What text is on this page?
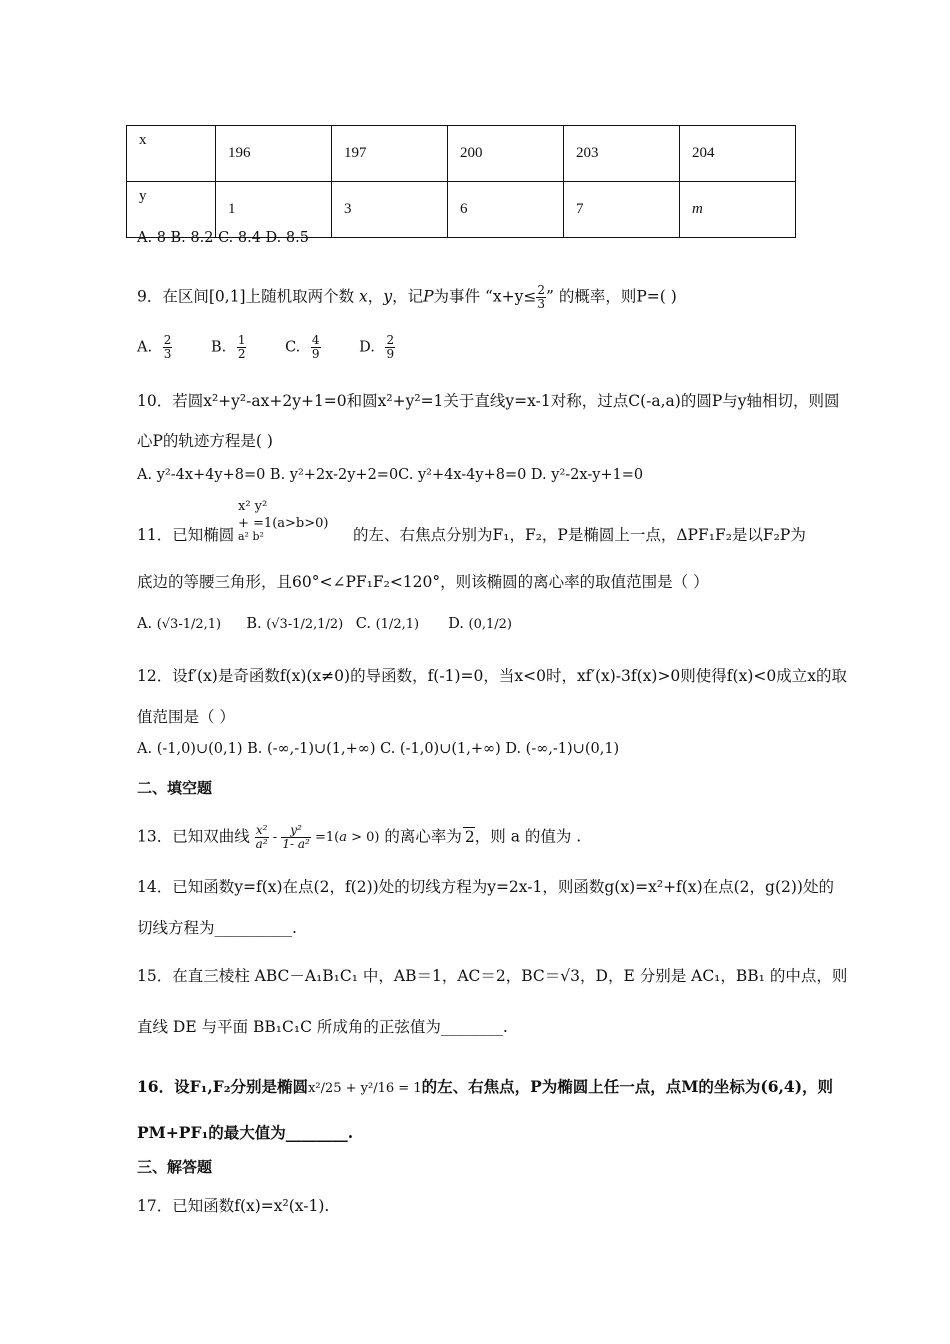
x	196	197	200	203	204
y	1	3	6	7	m
A. 8 B. 8.2 C. 8.4 D. 8.5
9．在区间[0,1]上随机取两个数 x，y，记P为事件 “$x+y\le \frac{2}{3}$ ” 的概率，则P=( )
A. $\frac{2}{3}$	B. $\frac{1}{2}$	C. $\frac{4}{9}$	D. $\frac{2}{9}$
10．若圆x²+y²-ax+2y+1=0和圆x²+y²=1关于直线y=x-1对称，过点C(-a,a)的圆P与y轴相切，则圆
心P的轨迹方程是( )
A. y²-4x+4y+8=0 B. y²+2x-2y+2=0C. y²+4x-4y+8=0 D. y²-2x-y+1=0
11．已知椭圆
x² y²
+ =1(a>b>0)
a² b²	的左、右焦点分别为F₁，F₂，P是椭圆上一点，ΔPF₁F₂是以F₂P为
底边的等腰三角形，且60°<∠PF₁F₂<120°，则该椭圆的离心率的取值范围是（ ）
A. (√3-1/2,1) B. (√3-1/2,1/2) C. (1/2,1) D. (0,1/2)
12．设f′(x)是奇函数f(x)(x≠0)的导函数，f(-1)=0，当x<0时，xf′(x)-3f(x)>0则使得f(x)<0成立x的取
值范围是（ ）
A. (-1,0)∪(0,1) B. (-∞,-1)∪(1,+∞) C. (-1,0)∪(1,+∞) D. (-∞,-1)∪(0,1)
二、填空题
13．已知双曲线 $\frac{\text{x²}}{\text{a²}} - \frac{\text{y²}}{\text{1- a²}} =1(a > 0)$ 的离心率为 2，则 a 的值为 .
14．已知函数y=f(x)在点(2，f(2))处的切线方程为y=2x-1，则函数g(x)=x²+f(x)在点(2，g(2))处的
切线方程为__________.
15．在直三棱柱 ABC－A₁B₁C₁ 中，AB＝1，AC＝2，BC＝√3，D，E 分别是 AC₁，BB₁ 的中点，则
直线 DE 与平面 BB₁C₁C 所成角的正弦值为________.
16．设F₁,F₂分别是椭圆x²/25 + y²/16 = 1的左、右焦点，P为椭圆上任一点，点M的坐标为(6,4)，则
PM+PF₁的最大值为________.
三、解答题
17．已知函数f(x)=x²(x-1).
